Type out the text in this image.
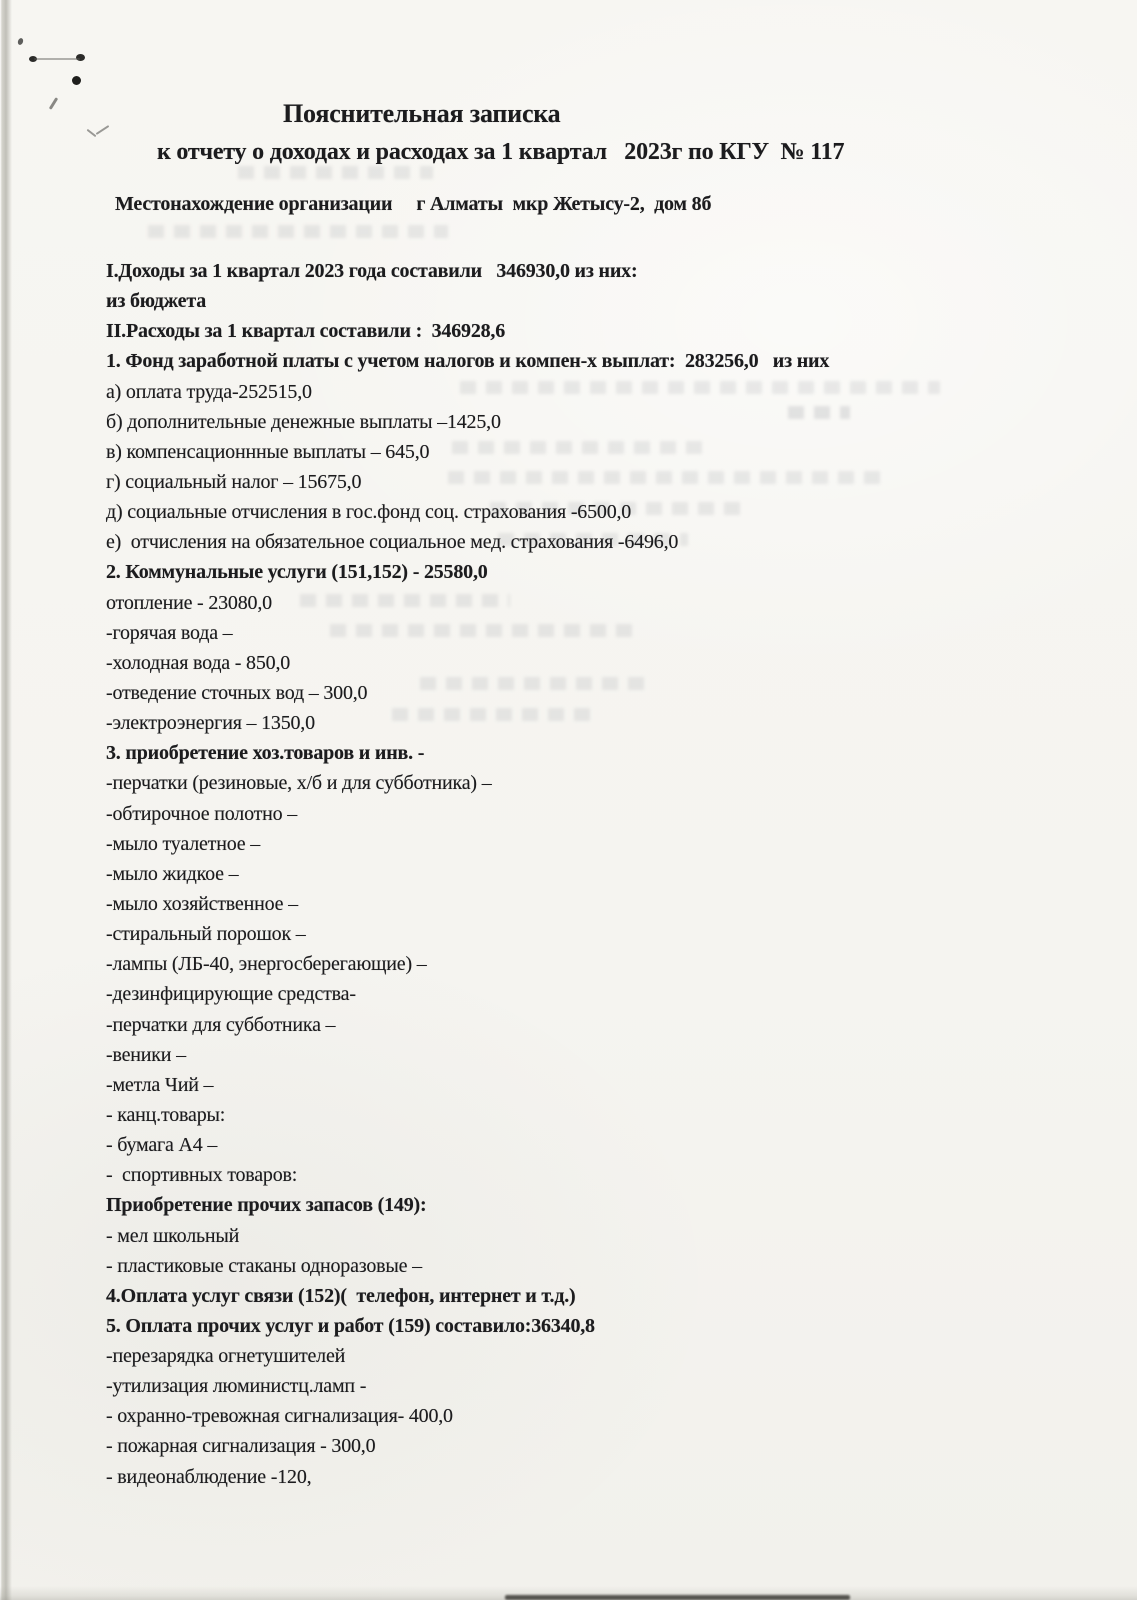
Пояснительная записка
к отчету о доходах и расходах за 1 квартал   2023г по КГУ  № 117
Местонахождение организации     г Алматы  мкр Жетысу-2,  дом 8б
I.Доходы за 1 квартал 2023 года составили   346930,0 из них:
из бюджета
II.Расходы за 1 квартал составили :  346928,6
1. Фонд заработной платы с учетом налогов и компен-х выплат:  283256,0   из них
а) оплата труда-252515,0
б) дополнительные денежные выплаты –1425,0
в) компенсационнные выплаты – 645,0
г) социальный налог – 15675,0
д) социальные отчисления в гос.фонд соц. страхования -6500,0
е)  отчисления на обязательное социальное мед. страхования -6496,0
2. Коммунальные услуги (151,152) - 25580,0
отопление - 23080,0
-горячая вода –
-холодная вода - 850,0
-отведение сточных вод – 300,0
-электроэнергия – 1350,0
3. приобретение хоз.товаров и инв. -
-перчатки (резиновые, х/б и для субботника) –
-обтирочное полотно –
-мыло туалетное –
-мыло жидкое –
-мыло хозяйственное –
-стиральный порошок –
-лампы (ЛБ-40, энергосберегающие) –
-дезинфицирующие средства-
-перчатки для субботника –
-веники –
-метла Чий –
- канц.товары:
- бумага А4 –
-  спортивных товаров:
Приобретение прочих запасов (149):
- мел школьный
- пластиковые стаканы одноразовые –
4.Оплата услуг связи (152)(  телефон, интернет и т.д.)
5. Оплата прочих услуг и работ (159) составило:36340,8
-перезарядка огнетушителей
-утилизация люминистц.ламп -
- охранно-тревожная сигнализация- 400,0
- пожарная сигнализация - 300,0
- видеонаблюдение -120,
